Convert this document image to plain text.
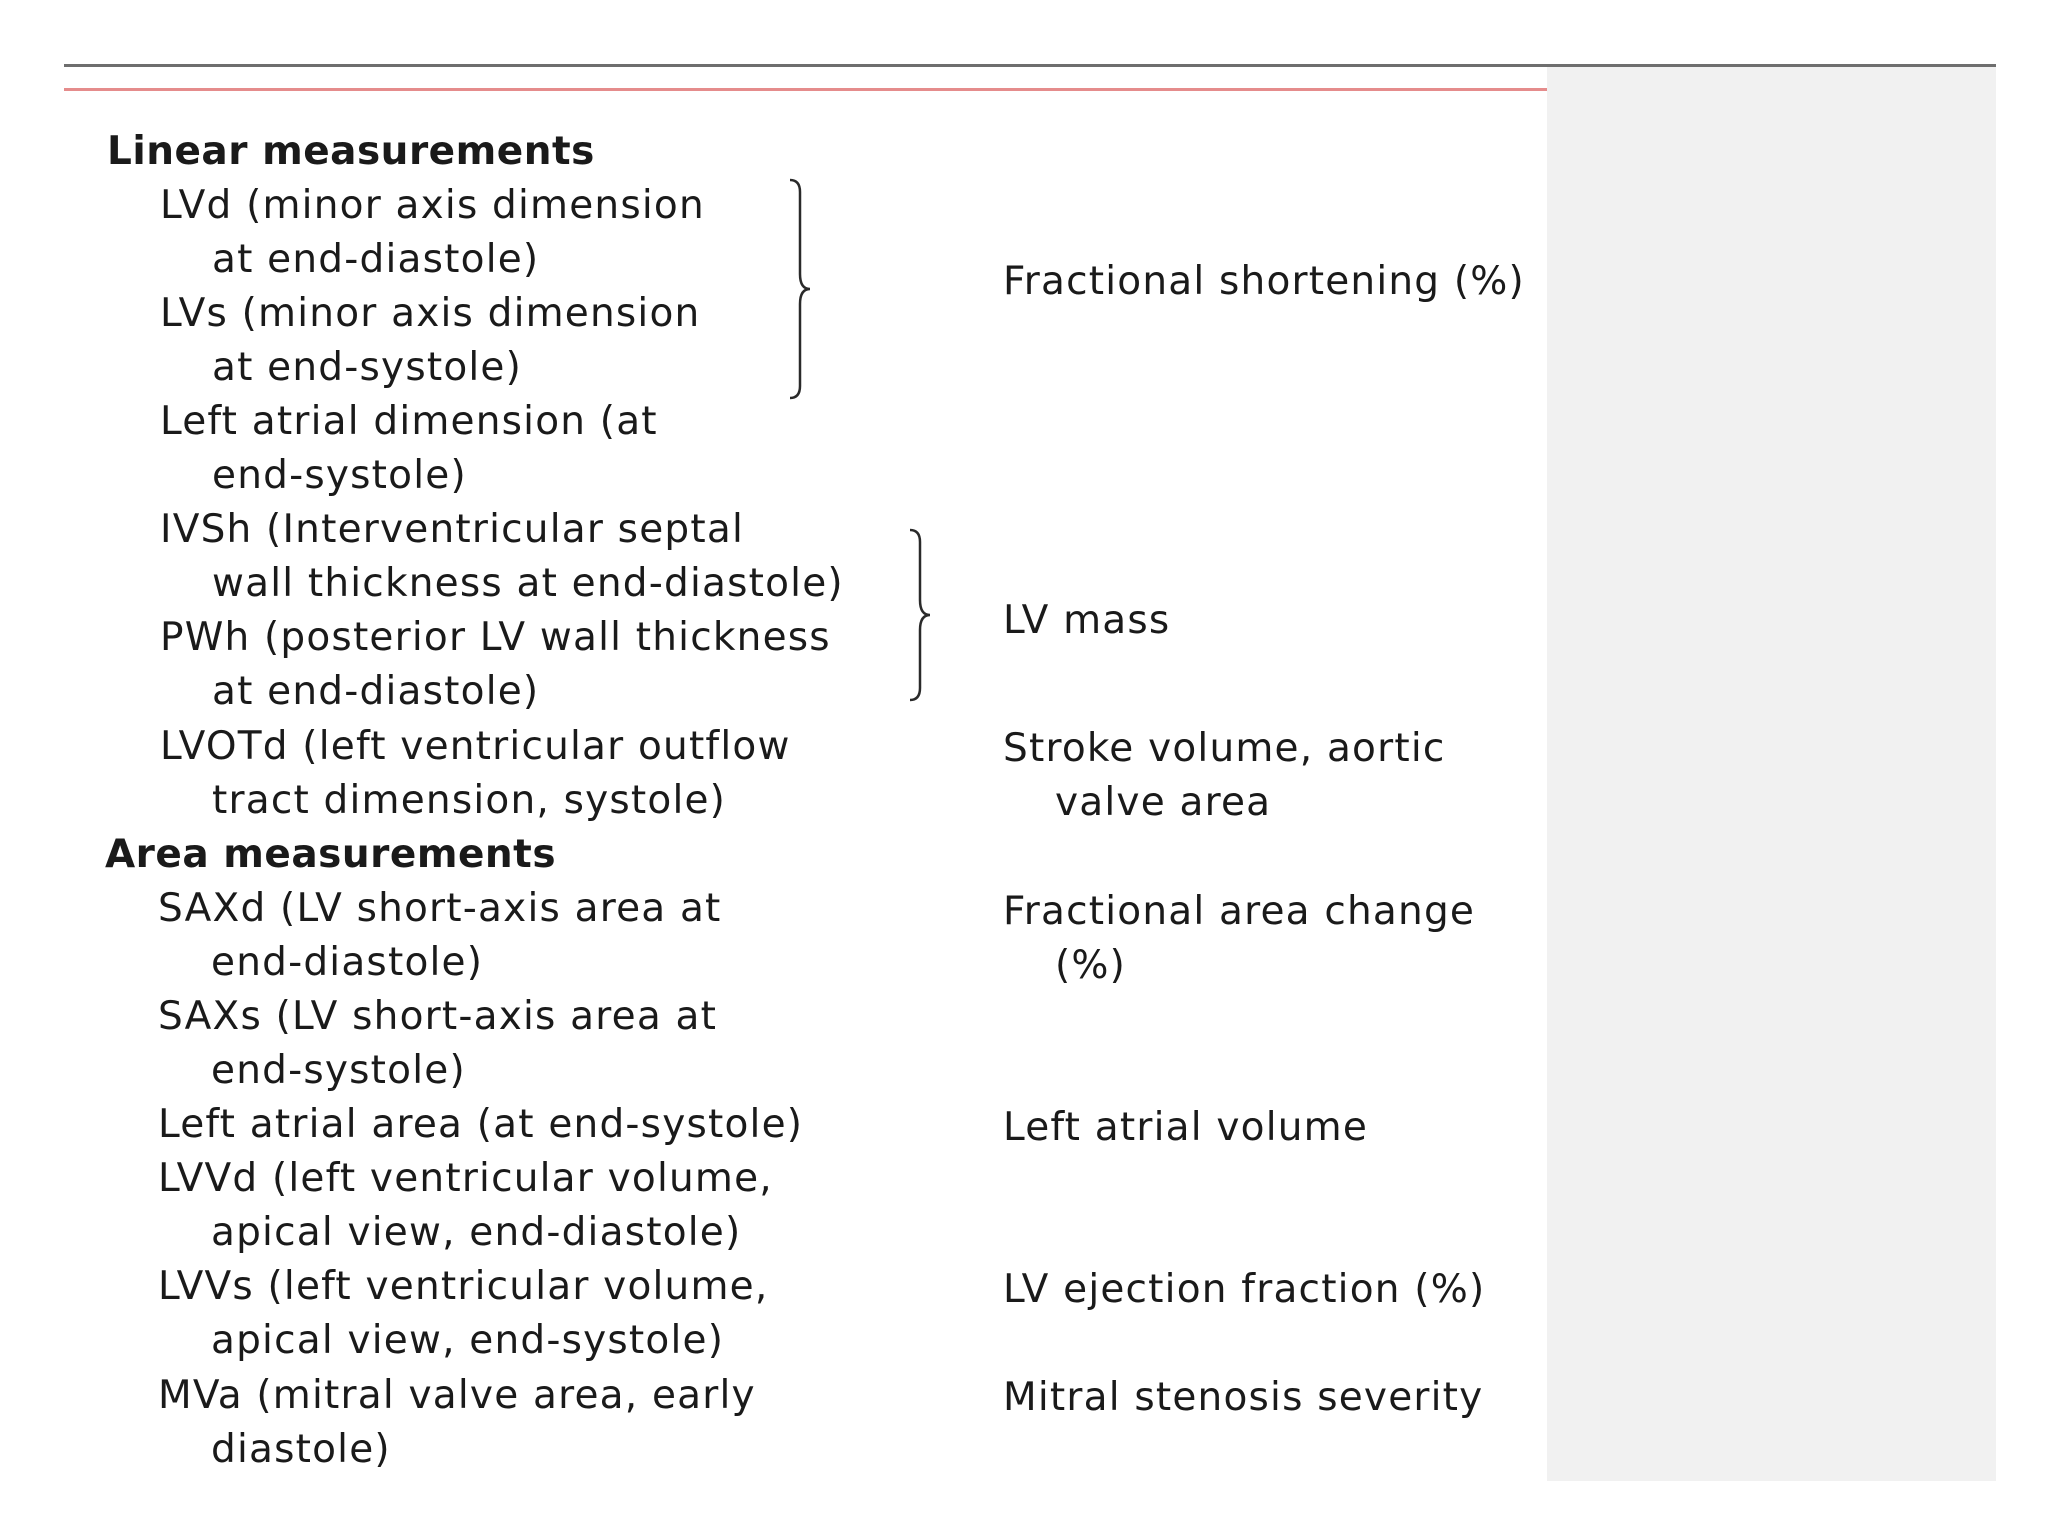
Linear measurements
LVd (minor axis dimension
at end-diastole)
LVs (minor axis dimension
at end-systole)
Left atrial dimension (at
end-systole)
IVSh (Interventricular septal
wall thickness at end-diastole)
PWh (posterior LV wall thickness
at end-diastole)
LVOTd (left ventricular outflow
tract dimension, systole)
Area measurements
SAXd (LV short-axis area at
end-diastole)
SAXs (LV short-axis area at
end-systole)
Left atrial area (at end-systole)
LVVd (left ventricular volume,
apical view, end-diastole)
LVVs (left ventricular volume,
apical view, end-systole)
MVa (mitral valve area, early
diastole)
Fractional shortening (%)
LV mass
Stroke volume, aortic
valve area
Fractional area change
(%)
Left atrial volume
LV ejection fraction (%)
Mitral stenosis severity
